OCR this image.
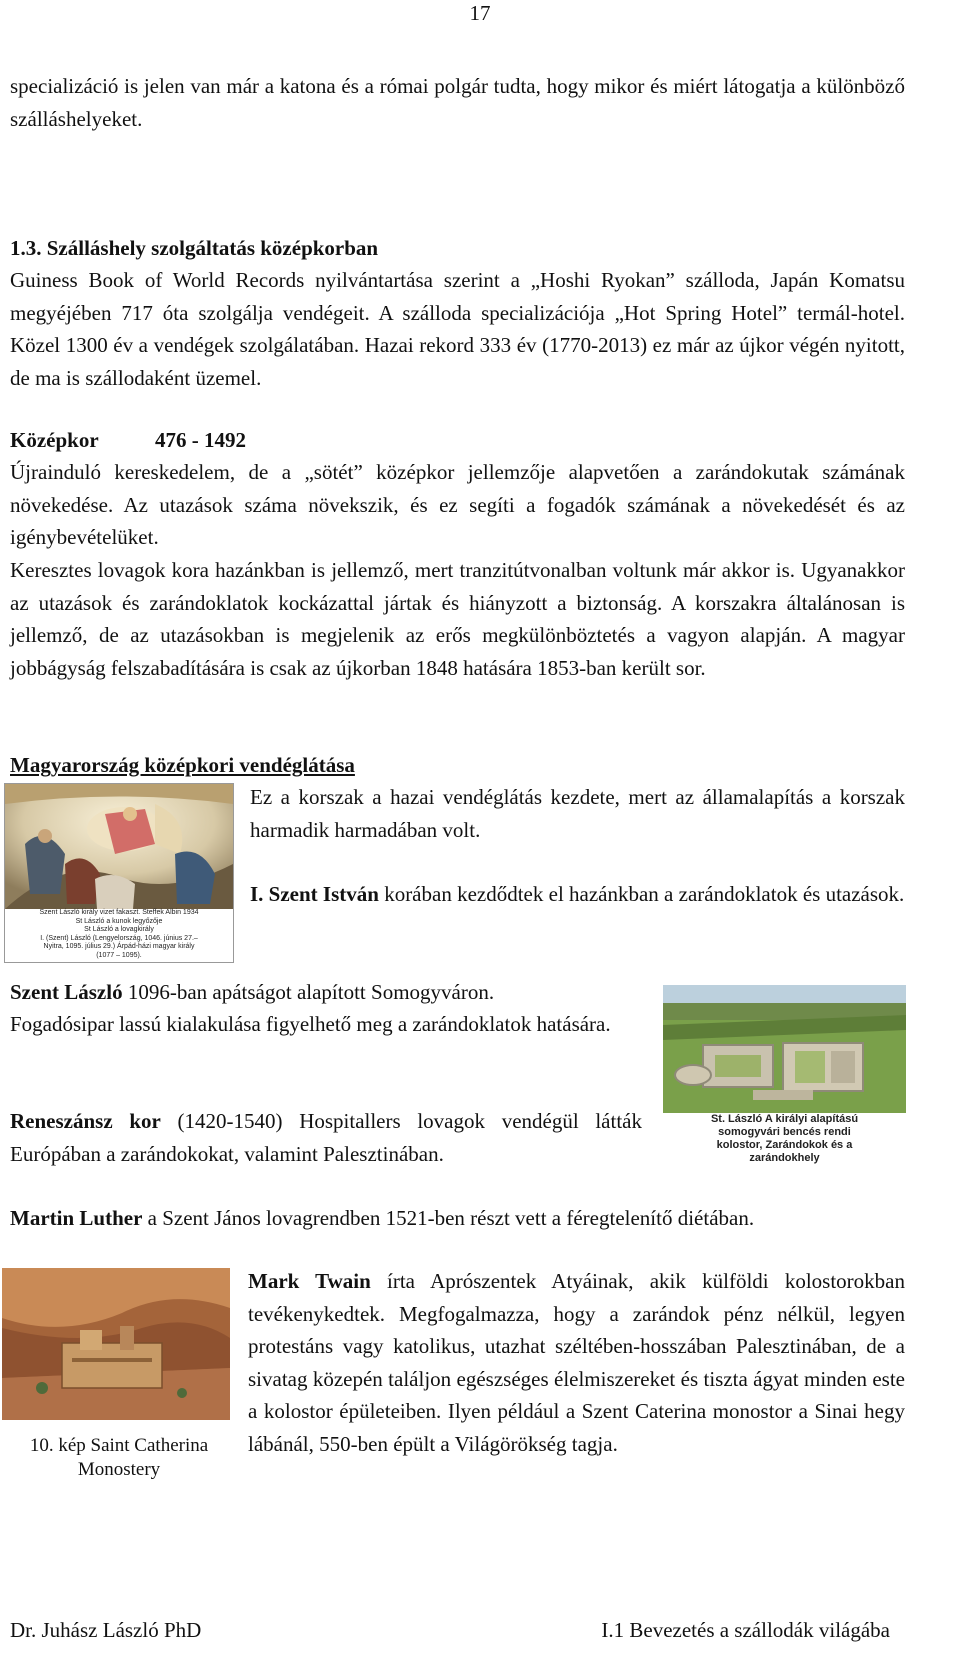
17

specializáció is jelen van már a katona és a római polgár tudta, hogy mikor és miért látogatja a különböző szálláshelyeket.

1.3. Szálláshely szolgáltatás középkorban

Guiness Book of World Records nyilvántartása szerint a „Hoshi Ryokan” szálloda, Japán Komatsu megyéjében 717 óta szolgálja vendégeit. A szálloda specializációja „Hot Spring Hotel” termál-hotel. Közel 1300 év a vendégek szolgálatában. Hazai rekord 333 év (1770-2013) ez már az újkor végén nyitott, de ma is szállodaként üzemel.

Középkor	476 - 1492

Újrainduló kereskedelem, de a „sötét” középkor jellemzője alapvetően a zarándokutak számának növekedése. Az utazások száma növekszik, és ez segíti a fogadók számának a növekedését és az igénybevételüket.

Keresztes lovagok kora hazánkban is jellemző, mert tranzitútvonalban voltunk már akkor is. Ugyanakkor az utazások és zarándoklatok kockázattal jártak és hiányzott a biztonság. A korszakra általánosan is jellemző, de az utazásokban is megjelenik az erős megkülönböztetés a vagyon alapján. A magyar jobbágyság felszabadítására is csak az újkorban 1848 hatására 1853-ban került sor.

Magyarország középkori vendéglátása
Szent László király vizet fakaszt. Steffek Albin 1934
St László a kunok legyőzője
St László a lovagkirály
I. (Szent) László (Lengyelország, 1046. június 27.–
Nyitra, 1095. július 29.) Árpád-házi magyar király
(1077 – 1095).

Ez a korszak a hazai vendéglátás kezdete, mert az államalapítás a korszak harmadik harmadában volt.

I. Szent István korában kezdődtek el hazánkban a zarándoklatok és utazások.

Szent László 1096-ban apátságot alapított Somogyváron.

Fogadósipar lassú kialakulása figyelhető meg a zarándoklatok hatására.

St. László A királyi alapítású
somogyvári bencés rendi
kolostor, Zarándokok és a
zarándokhely

Reneszánsz kor (1420-1540) Hospitallers lovagok vendégül látták Európában a zarándokokat, valamint Palesztinában.

Martin Luther a Szent János lovagrendben 1521-ben részt vett a féregtelenítő diétában.

10. kép Saint Catherina
Monostery

Mark Twain írta Aprószentek Atyáinak, akik külföldi kolostorokban tevékenykedtek. Megfogalmazza, hogy a zarándok pénz nélkül, legyen protestáns vagy katolikus, utazhat széltében-hosszában Palesztinában, de a sivatag közepén találjon egészséges élelmiszereket és tiszta ágyat minden este a kolostor épületeiben. Ilyen például a Szent Caterina monostor a Sinai hegy lábánál, 550-ben épült a Világörökség tagja.

Dr. Juhász László PhD	I.1 Bevezetés a szállodák világába
